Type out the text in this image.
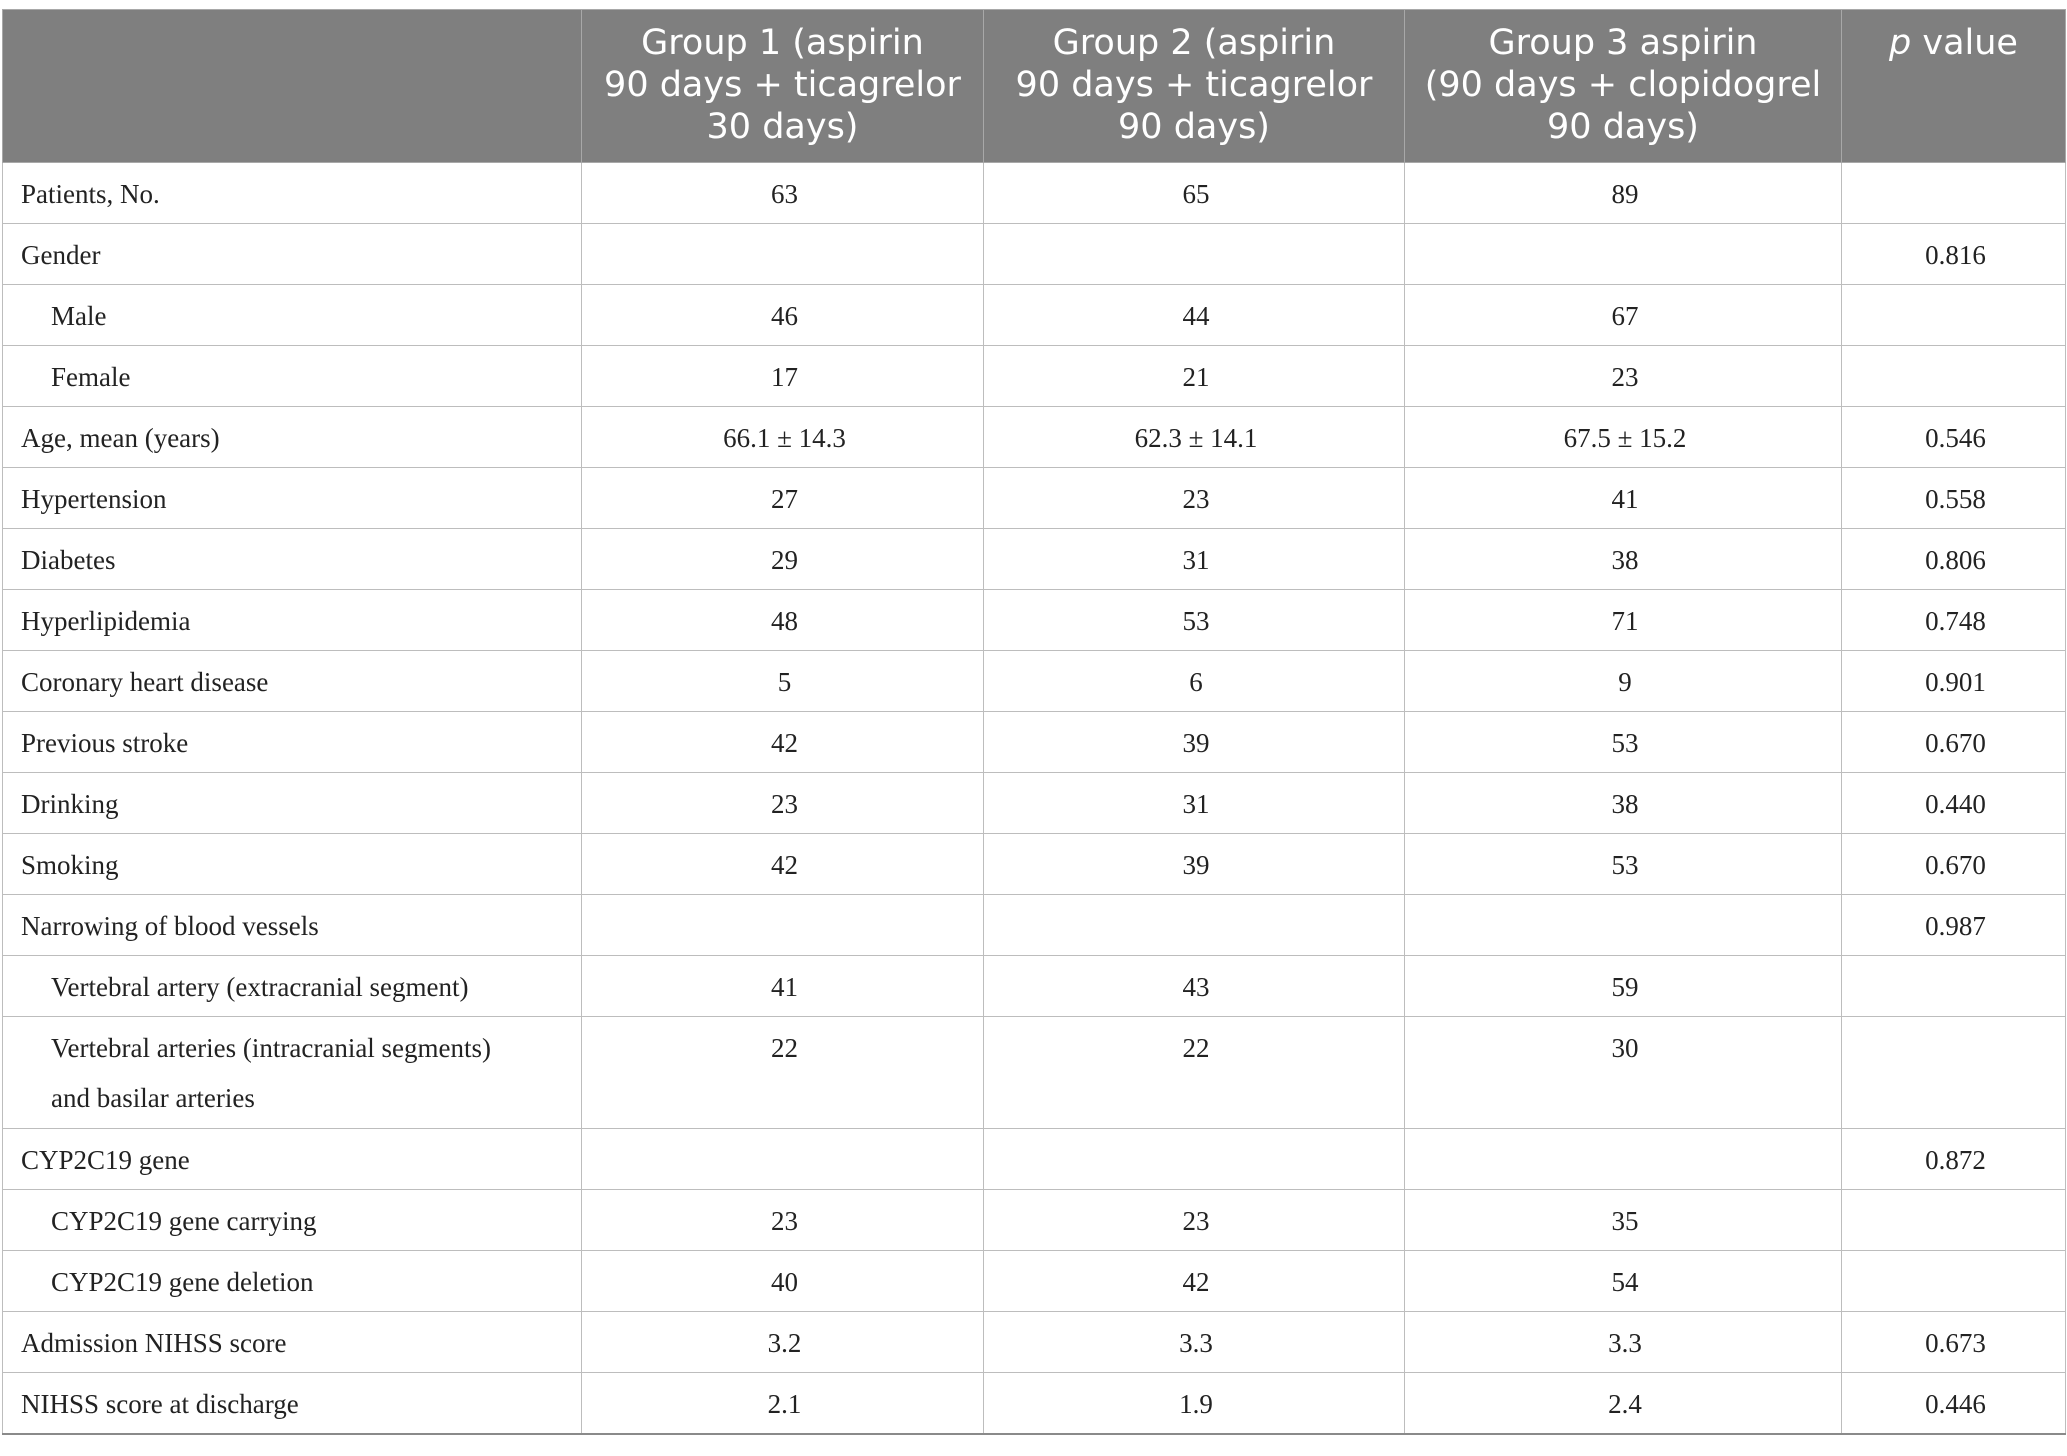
	Group 1 (aspirin
90 days + ticagrelor
30 days)	Group 2 (aspirin
90 days + ticagrelor
90 days)	Group 3 aspirin
(90 days + clopidogrel
90 days)	p value
Patients, No.	63	65	89	
Gender				0.816
Male	46	44	67	
Female	17	21	23	
Age, mean (years)	66.1 ± 14.3	62.3 ± 14.1	67.5 ± 15.2	0.546
Hypertension	27	23	41	0.558
Diabetes	29	31	38	0.806
Hyperlipidemia	48	53	71	0.748
Coronary heart disease	5	6	9	0.901
Previous stroke	42	39	53	0.670
Drinking	23	31	38	0.440
Smoking	42	39	53	0.670
Narrowing of blood vessels				0.987
Vertebral artery (extracranial segment)	41	43	59	
Vertebral arteries (intracranial segments)
and basilar arteries	22	22	30	
CYP2C19 gene				0.872
CYP2C19 gene carrying	23	23	35	
CYP2C19 gene deletion	40	42	54	
Admission NIHSS score	3.2	3.3	3.3	0.673
NIHSS score at discharge	2.1	1.9	2.4	0.446
